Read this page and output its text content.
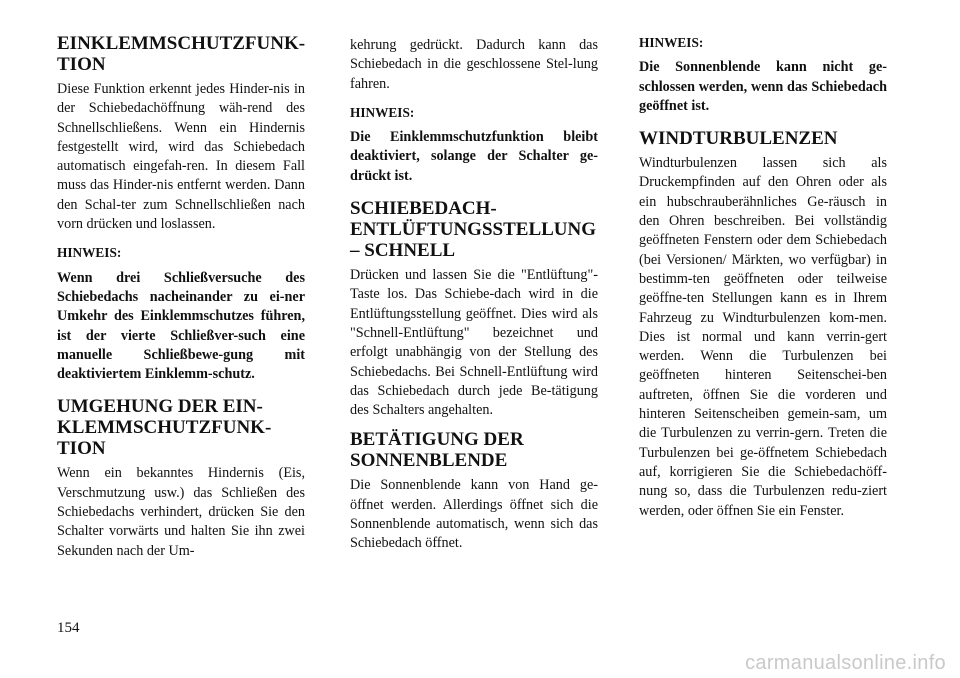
EINKLEMMSCHUTZFUNK-
TION

Diese Funktion erkennt jedes Hinder-nis in der Schiebedachöffnung wäh-rend des Schnellschließens. Wenn ein Hindernis festgestellt wird, wird das Schiebedach automatisch eingefah-ren. In diesem Fall muss das Hinder-nis entfernt werden. Dann den Schal-ter zum Schnellschließen nach vorn drücken und loslassen.

HINWEIS:

Wenn drei Schließversuche des Schiebedachs nacheinander zu ei-ner Umkehr des Einklemmschutzes führen, ist der vierte Schließver-such eine manuelle Schließbewe-gung mit deaktiviertem Einklemm-schutz.

UMGEHUNG DER EIN-
KLEMMSCHUTZFUNK-
TION

Wenn ein bekanntes Hindernis (Eis, Verschmutzung usw.) das Schließen des Schiebedachs verhindert, drücken Sie den Schalter vorwärts und halten Sie ihn zwei Sekunden nach der Um-

kehrung gedrückt. Dadurch kann das Schiebedach in die geschlossene Stel-lung fahren.

HINWEIS:

Die Einklemmschutzfunktion bleibt deaktiviert, solange der Schalter ge-drückt ist.

SCHIEBEDACH-
ENTLÜFTUNGSSTELLUNG
– SCHNELL

Drücken und lassen Sie die "Entlüftung"-Taste los. Das Schiebe-dach wird in die Entlüftungsstellung geöffnet. Dies wird als "Schnell-Entlüftung" bezeichnet und erfolgt unabhängig von der Stellung des Schiebedachs. Bei Schnell-Entlüftung wird das Schiebedach durch jede Be-tätigung des Schalters angehalten.

BETÄTIGUNG DER
SONNENBLENDE

Die Sonnenblende kann von Hand ge-öffnet werden. Allerdings öffnet sich die Sonnenblende automatisch, wenn sich das Schiebedach öffnet.

HINWEIS:

Die Sonnenblende kann nicht ge-schlossen werden, wenn das Schiebedach geöffnet ist.

WINDTURBULENZEN

Windturbulenzen lassen sich als Druckempfinden auf den Ohren oder als ein hubschrauberähnliches Ge-räusch in den Ohren beschreiben. Bei vollständig geöffneten Fenstern oder dem Schiebedach (bei Versionen/ Märkten, wo verfügbar) in bestimm-ten geöffneten oder teilweise geöffne-ten Stellungen kann es in Ihrem Fahrzeug zu Windturbulenzen kom-men. Dies ist normal und kann verrin-gert werden. Wenn die Turbulenzen bei geöffneten hinteren Seitenschei-ben auftreten, öffnen Sie die vorderen und hinteren Seitenscheiben gemein-sam, um die Turbulenzen zu verrin-gern. Treten die Turbulenzen bei ge-öffnetem Schiebedach auf, korrigieren Sie die Schiebedachöff-nung so, dass die Turbulenzen redu-ziert werden, oder öffnen Sie ein Fenster.

154
carmanualsonline.info
